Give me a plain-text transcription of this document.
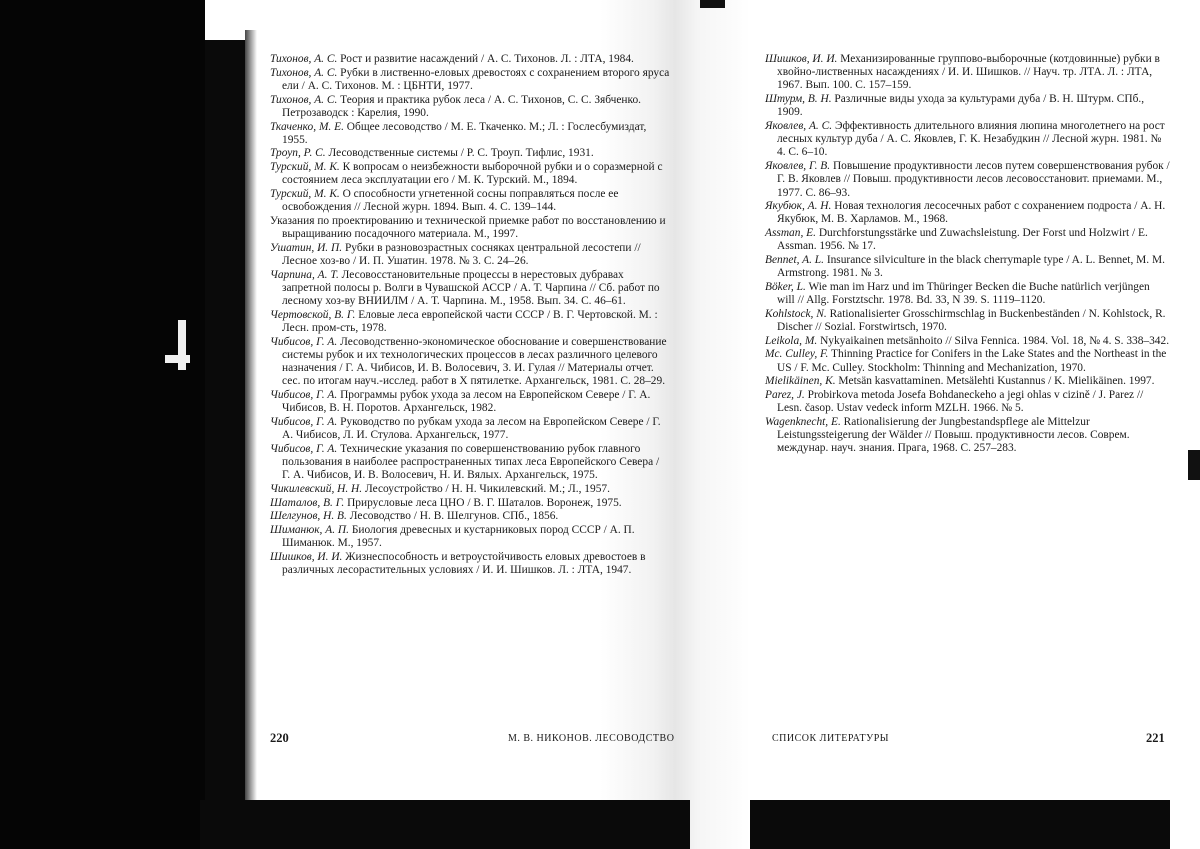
Тихонов, А. С. Рост и развитие насаждений / А. С. Тихонов. Л. : ЛТА, 1984.

Тихонов, А. С. Рубки в лиственно-еловых древостоях с сохранением второго яруса ели / А. С. Тихонов. М. : ЦБНТИ, 1977.

Тихонов, А. С. Теория и практика рубок леса / А. С. Тихонов, С. С. Зябченко. Петрозаводск : Карелия, 1990.

Ткаченко, М. Е. Общее лесоводство / М. Е. Ткаченко. М.; Л. : Гослесбумиздат, 1955.

Троуп, Р. С. Лесоводственные системы / Р. С. Троуп. Тифлис, 1931.

Турский, М. К. К вопросам о неизбежности выборочной рубки и о соразмерной с состоянием леса эксплуатации его / М. К. Турский. М., 1894.

Турский, М. К. О способности угнетенной сосны поправляться после ее освобождения // Лесной журн. 1894. Вып. 4. С. 139–144.

Указания по проектированию и технической приемке работ по восстановлению и выращиванию посадочного материала. М., 1997.

Ушатин, И. П. Рубки в разновозрастных сосняках центральной лесостепи // Лесное хоз-во / И. П. Ушатин. 1978. № 3. С. 24–26.

Чарпина, А. Т. Лесовосстановительные процессы в нерестовых дубравах запретной полосы р. Волги в Чувашской АССР / А. Т. Чарпина // Сб. работ по лесному хоз-ву ВНИИЛМ / А. Т. Чарпина. М., 1958. Вып. 34. С. 46–61.

Чертовской, В. Г. Еловые леса европейской части СССР / В. Г. Чертовской. М. : Лесн. пром-сть, 1978.

Чибисов, Г. А. Лесоводственно-экономическое обоснование и совершенствование системы рубок и их технологических процессов в лесах различного целевого назначения / Г. А. Чибисов, И. В. Волосевич, З. И. Гулая // Материалы отчет. сес. по итогам науч.-исслед. работ в X пятилетке. Архангельск, 1981. С. 28–29.

Чибисов, Г. А. Программы рубок ухода за лесом на Европейском Севере / Г. А. Чибисов, В. Н. Поротов. Архангельск, 1982.

Чибисов, Г. А. Руководство по рубкам ухода за лесом на Европейском Севере / Г. А. Чибисов, Л. И. Стулова. Архангельск, 1977.

Чибисов, Г. А. Технические указания по совершенствованию рубок главного пользования в наиболее распространенных типах леса Европейского Севера / Г. А. Чибисов, И. В. Волосевич, Н. И. Вялых. Архангельск, 1975.

Чикилевский, Н. Н. Лесоустройство / Н. Н. Чикилевский. М.; Л., 1957.

Шаталов, В. Г. Прирусловые леса ЦНО / В. Г. Шаталов. Воронеж, 1975.

Шелгунов, Н. В. Лесоводство / Н. В. Шелгунов. СПб., 1856.

Шиманюк, А. П. Биология древесных и кустарниковых пород СССР / А. П. Шиманюк. М., 1957.

Шишков, И. И. Жизнеспособность и ветроустойчивость еловых древостоев в различных лесорастительных условиях / И. И. Шишков. Л. : ЛТА, 1947.

220	М. В. НИКОНОВ. ЛЕСОВОДСТВО

Шишков, И. И. Механизированные группово-выборочные (котдовинные) рубки в хвойно-лиственных насаждениях / И. И. Шишков. // Науч. тр. ЛТА. Л. : ЛТА, 1967. Вып. 100. С. 157–159.

Штурм, В. Н. Различные виды ухода за культурами дуба / В. Н. Штурм. СПб., 1909.

Яковлев, А. С. Эффективность длительного влияния люпина многолетнего на рост лесных культур дуба / А. С. Яковлев, Г. К. Незабудкин // Лесной журн. 1981. № 4. С. 6–10.

Яковлев, Г. В. Повышение продуктивности лесов путем совершенствования рубок / Г. В. Яковлев // Повыш. продуктивности лесов лесовосстановит. приемами. М., 1977. С. 86–93.

Якубюк, А. Н. Новая технология лесосечных работ с сохранением подроста / А. Н. Якубюк, М. В. Харламов. М., 1968.

Assman, E. Durchforstungsstärke und Zuwachsleistung. Der Forst und Holzwirt / E. Assman. 1956. № 17.

Bennet, A. L. Insurance silviculture in the black cherrymaple type / A. L. Bennet, M. M. Armstrong. 1981. № 3.

Böker, L. Wie man im Harz und im Thüringer Becken die Buche natürlich verjüngen will // Allg. Forstztschr. 1978. Bd. 33, N 39. S. 1119–1120.

Kohlstock, N. Rationalisierter Grosschirmschlag in Buckenbeständen / N. Kohlstock, R. Discher // Sozial. Forstwirtsch, 1970.

Leikola, M. Nykyaikainen metsänhoito // Silva Fennica. 1984. Vol. 18, № 4. S. 338–342.

Mc. Culley, F. Thinning Practice for Conifers in the Lake States and the Northeast in the US / F. Mc. Culley. Stockholm: Thinning and Mechanization, 1970.

Mielikäinen, K. Metsän kasvattaminen. Metsälehti Kustannus / K. Mielikäinen. 1997.

Parez, J. Probirkova metoda Josefa Bohdaneckeho a jegi ohlas v cizině / J. Parez // Lesn. časop. Ustav vedeck inform MZLH. 1966. № 5.

Wagenknecht, E. Rationalisierung der Jungbestandspflege ale Mittelzur Leistungssteigerung der Wälder // Повыш. продуктивности лесов. Соврем. междунар. науч. знания. Прага, 1968. С. 257–283.

СПИСОК ЛИТЕРАТУРЫ	221
